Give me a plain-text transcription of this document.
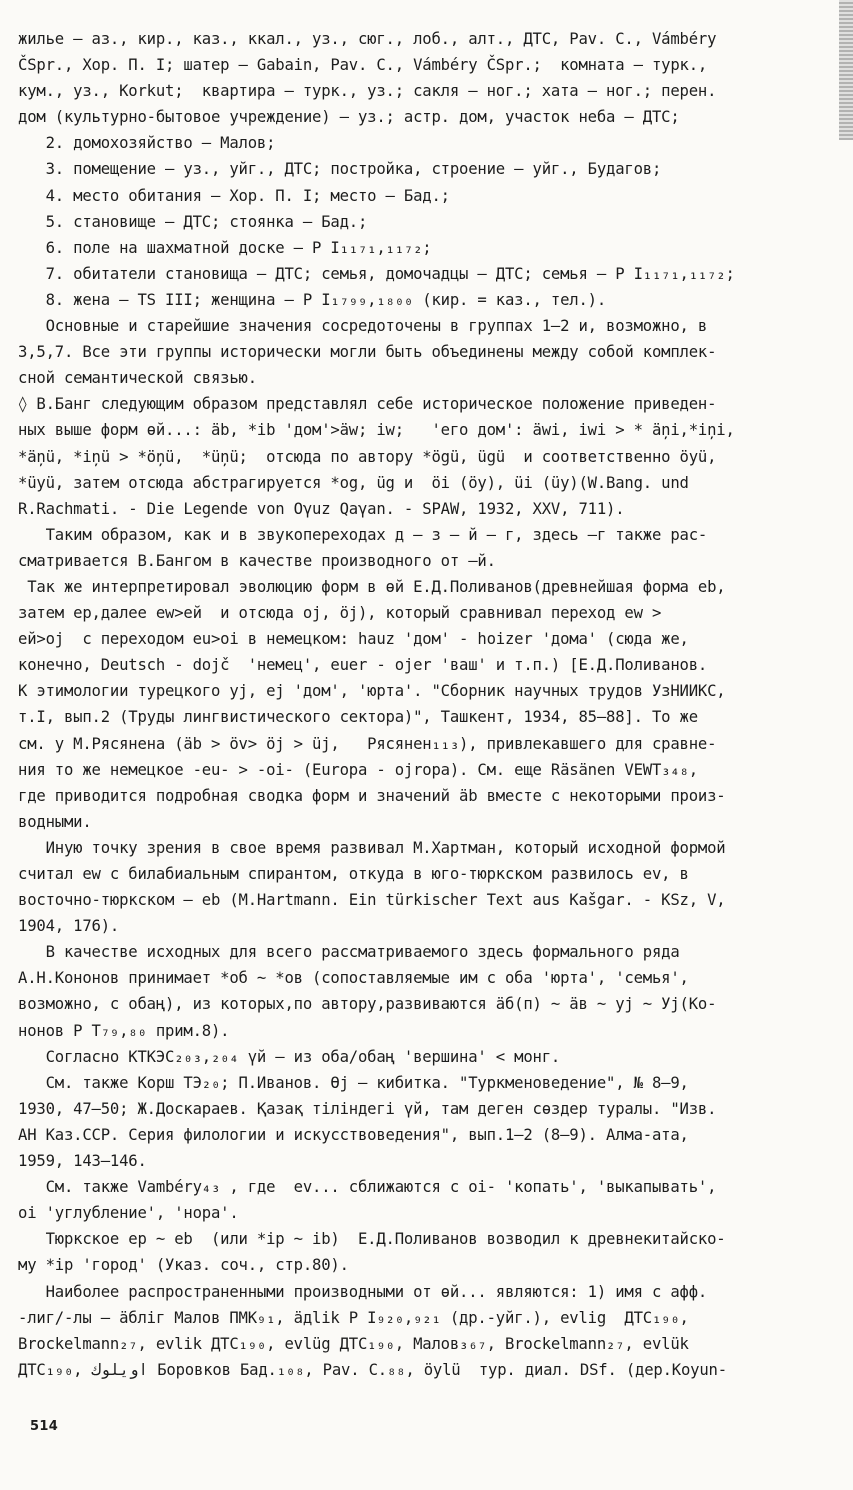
жилье – аз., кир., каз., ккал., уз., сюг., лоб., алт., ДТС, Pav. C., Vámbéry
ČSpr., Хор. П. I; шатер – Gabain, Pav. C., Vámbéry ČSpr.;  комната – турк.,
кум., уз., Korkut;  квартира – турк., уз.; сакля – ног.; хата – ног.; перен.
дом (культурно-бытовое учреждение) – уз.; астр. дом, участок неба – ДТС;
2. домохозяйство – Малов;
3. помещение – уз., уйг., ДТС; постройка, строение – уйг., Будагов;
4. место обитания – Хор. П. I; место – Бад.;
5. становище – ДТС; стоянка – Бад.;
6. поле на шахматной доске – Р I₁₁₇₁,₁₁₇₂;
7. обитатели становища – ДТС; семья, домочадцы – ДТС; семья – Р I₁₁₇₁,₁₁₇₂;
8. жена – TS III; женщина – Р I₁₇₉₉,₁₈₀₀ (кир. = каз., тел.).
Основные и старейшие значения сосредоточены в группах 1–2 и, возможно, в
3,5,7. Все эти группы исторически могли быть объединены между собой комплек-
сной семантической связью.
◊ В.Банг следующим образом представлял себе историческое положение приведен-
ных выше форм өй...: äb, *ib 'дом'>äw; iw;   'его дом': äwi, iwi > * äņi,*iņi,
*äņü, *iņü > *öņü,  *üņü;  отсюда по автору *ögü, ügü  и соответственно öyü,
*üyü, затем отсюда абстрагируется *og, üg и  öi (öy), üi (üy)(W.Bang. und
R.Rachmati. - Die Legende von Oγuz Qaγan. - SPAW, 1932, XXV, 711).
Таким образом, как и в звукопереходах д – з – й – г, здесь –г также рас-
сматривается В.Бангом в качестве производного от –й.
Так же интерпретировал эволюцию форм в өй Е.Д.Поливанов(древнейшая форма eb,
затем ep,далее ew>eй  и отсюда oj, öj), который сравнивал переход ew >
eй>oj  с переходом eu>oi в немецком: hauz 'дом' - hoizer 'дома' (сюда же,
конечно, Deutsch - dojč  'немец', euer - ojer 'ваш' и т.п.) [Е.Д.Поливанов.
К этимологии турецкого уј, ej 'дом', 'юрта'. "Сборник научных трудов УзНИИКС,
т.I, вып.2 (Труды лингвистического сектора)", Ташкент, 1934, 85–88]. То же
см. у М.Рясянена (äb > öv> öj > üj,   Рясянен₁₁₃), привлекавшего для сравне-
ния то же немецкое -eu- > -oi- (Europa - ojropa). См. еще Räsänen VEWT₃₄₈,
где приводится подробная сводка форм и значений äb вместе с некоторыми произ-
водными.
Иную точку зрения в свое время развивал М.Хартман, который исходной формой
считал ew с билабиальным спирантом, откуда в юго-тюркском развилось ev, в
восточно-тюркском – eb (M.Hartmann. Ein türkischer Text aus Kašgar. - KSz, V,
1904, 176).
В качестве исходных для всего рассматриваемого здесь формального ряда
А.Н.Кононов принимает *об ~ *ов (сопоставляемые им с оба 'юрта', 'семья',
возможно, с обаң), из которых,по автору,развиваются äб(п) ~ äв ~ уј ~ Уј(Ко-
нонов Р Т₇₉,₈₀ прим.8).
Согласно КТКЭС₂₀₃,₂₀₄ үй – из оба/обаң 'вершина' < монг.
См. также Корш ТЭ₂₀; П.Иванов. Өј – кибитка. "Туркменоведение", № 8–9,
1930, 47–50; Ж.Доскараев. Қазақ тiлiндегi үй, там деген сөздер туралы. "Изв.
АН Каз.ССР. Серия филологии и искусствоведения", вып.1–2 (8–9). Алма-ата,
1959, 143–146.
См. также Vambéry₄₃ , где  ev... сближаются с oi- 'копать', 'выкапывать',
oi 'углубление', 'нора'.
Тюркское ep ~ eb  (или *ip ~ ib)  Е.Д.Поливанов возводил к древнекитайско-
му *ip 'город' (Указ. соч., стр.80).
Наиболее распространенными производными от өй... являются: 1) имя с афф.
-лиг/-лы – äблiг Малов ПМК₉₁, äдlik Р I₉₂₀,₉₂₁ (др.-уйг.), evlig  ДТС₁₉₀,
Brockelmann₂₇, evlik ДТС₁₉₀, evlüg ДТС₁₉₀, Малов₃₆₇, Brockelmann₂₇, evlük
ДТС₁₉₀, اويلوك Боровков Бад.₁₀₈, Pav. C.₈₈, öylü  тур. диал. DSf. (дер.Koyun-
514
